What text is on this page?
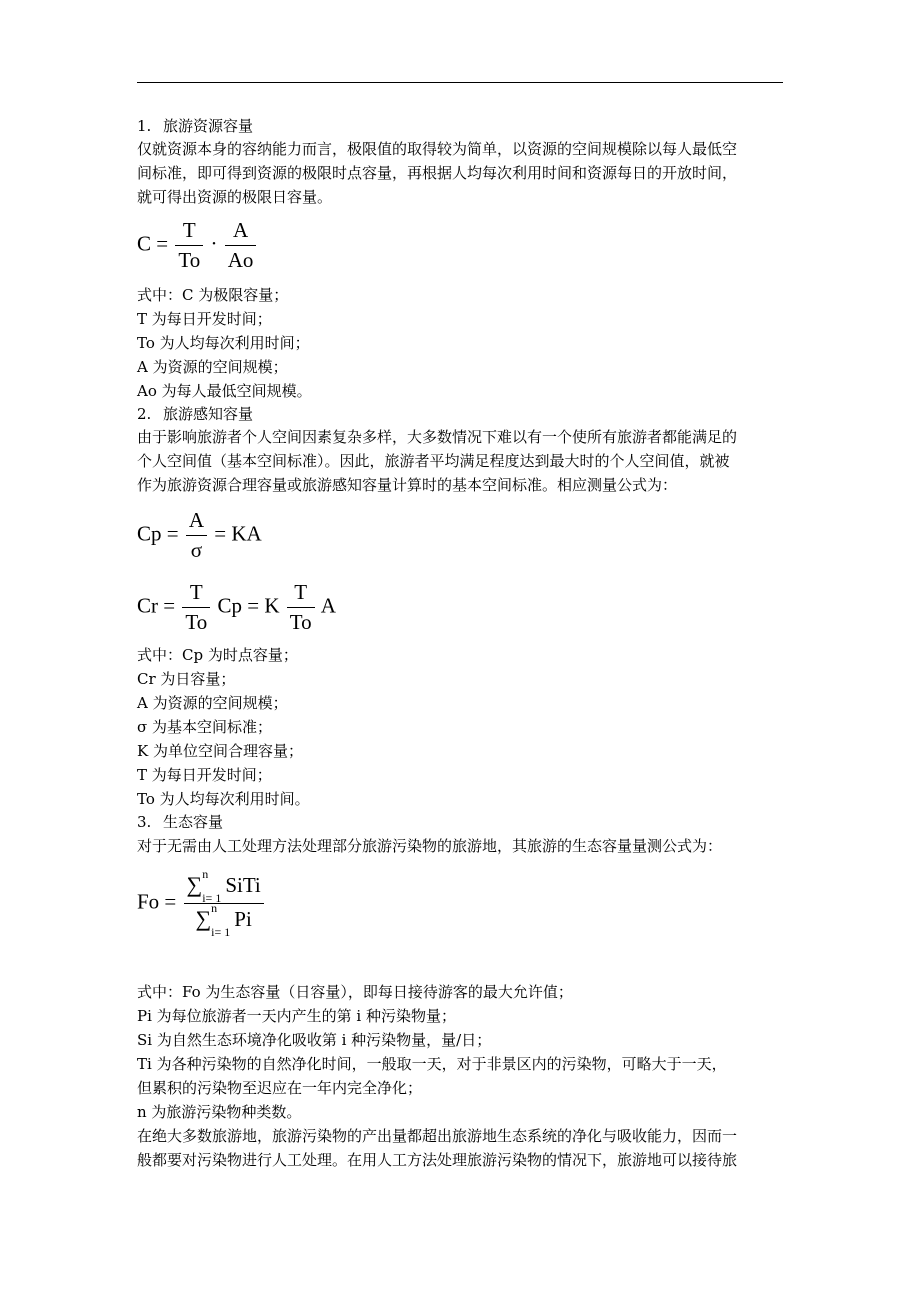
1. 旅游资源容量
仅就资源本身的容纳能力而言，极限值的取得较为简单，以资源的空间规模除以每人最低空
间标准，即可得到资源的极限时点容量，再根据人均每次利用时间和资源每日的开放时间，
就可得出资源的极限日容量。
$C = \frac{T}{To} \cdot \frac{A}{Ao}$
式中：C 为极限容量；
T 为每日开发时间；
To 为人均每次利用时间；
A 为资源的空间规模；
Ao 为每人最低空间规模。
2. 旅游感知容量
由于影响旅游者个人空间因素复杂多样，大多数情况下难以有一个使所有旅游者都能满足的
个人空间值（基本空间标准）。因此，旅游者平均满足程度达到最大时的个人空间值，就被
作为旅游资源合理容量或旅游感知容量计算时的基本空间标准。相应测量公式为：
$Cp = \frac{A}{\sigma}$ = KA
$Cr = \frac{T}{To}$ Cp = K $\frac{T}{To}$ A
式中：Cp 为时点容量；
Cr 为日容量；
A 为资源的空间规模；
σ 为基本空间标准；
K 为单位空间合理容量；
T 为每日开发时间；
To 为人均每次利用时间。
3. 生态容量
对于无需由人工处理方法处理部分旅游污染物的旅游地，其旅游的生态容量量测公式为：
Fo = ∑ n
i= 1
SiTi
∑ n
i= 1
Pi
式中：Fo 为生态容量（日容量），即每日接待游客的最大允许值；
Pi 为每位旅游者一天内产生的第 i 种污染物量；
Si 为自然生态环境净化吸收第 i 种污染物量，量/日；
Ti 为各种污染物的自然净化时间，一般取一天，对于非景区内的污染物，可略大于一天，
但累积的污染物至迟应在一年内完全净化；
n 为旅游污染物种类数。
在绝大多数旅游地，旅游污染物的产出量都超出旅游地生态系统的净化与吸收能力，因而一
般都要对污染物进行人工处理。在用人工方法处理旅游污染物的情况下，旅游地可以接待旅
